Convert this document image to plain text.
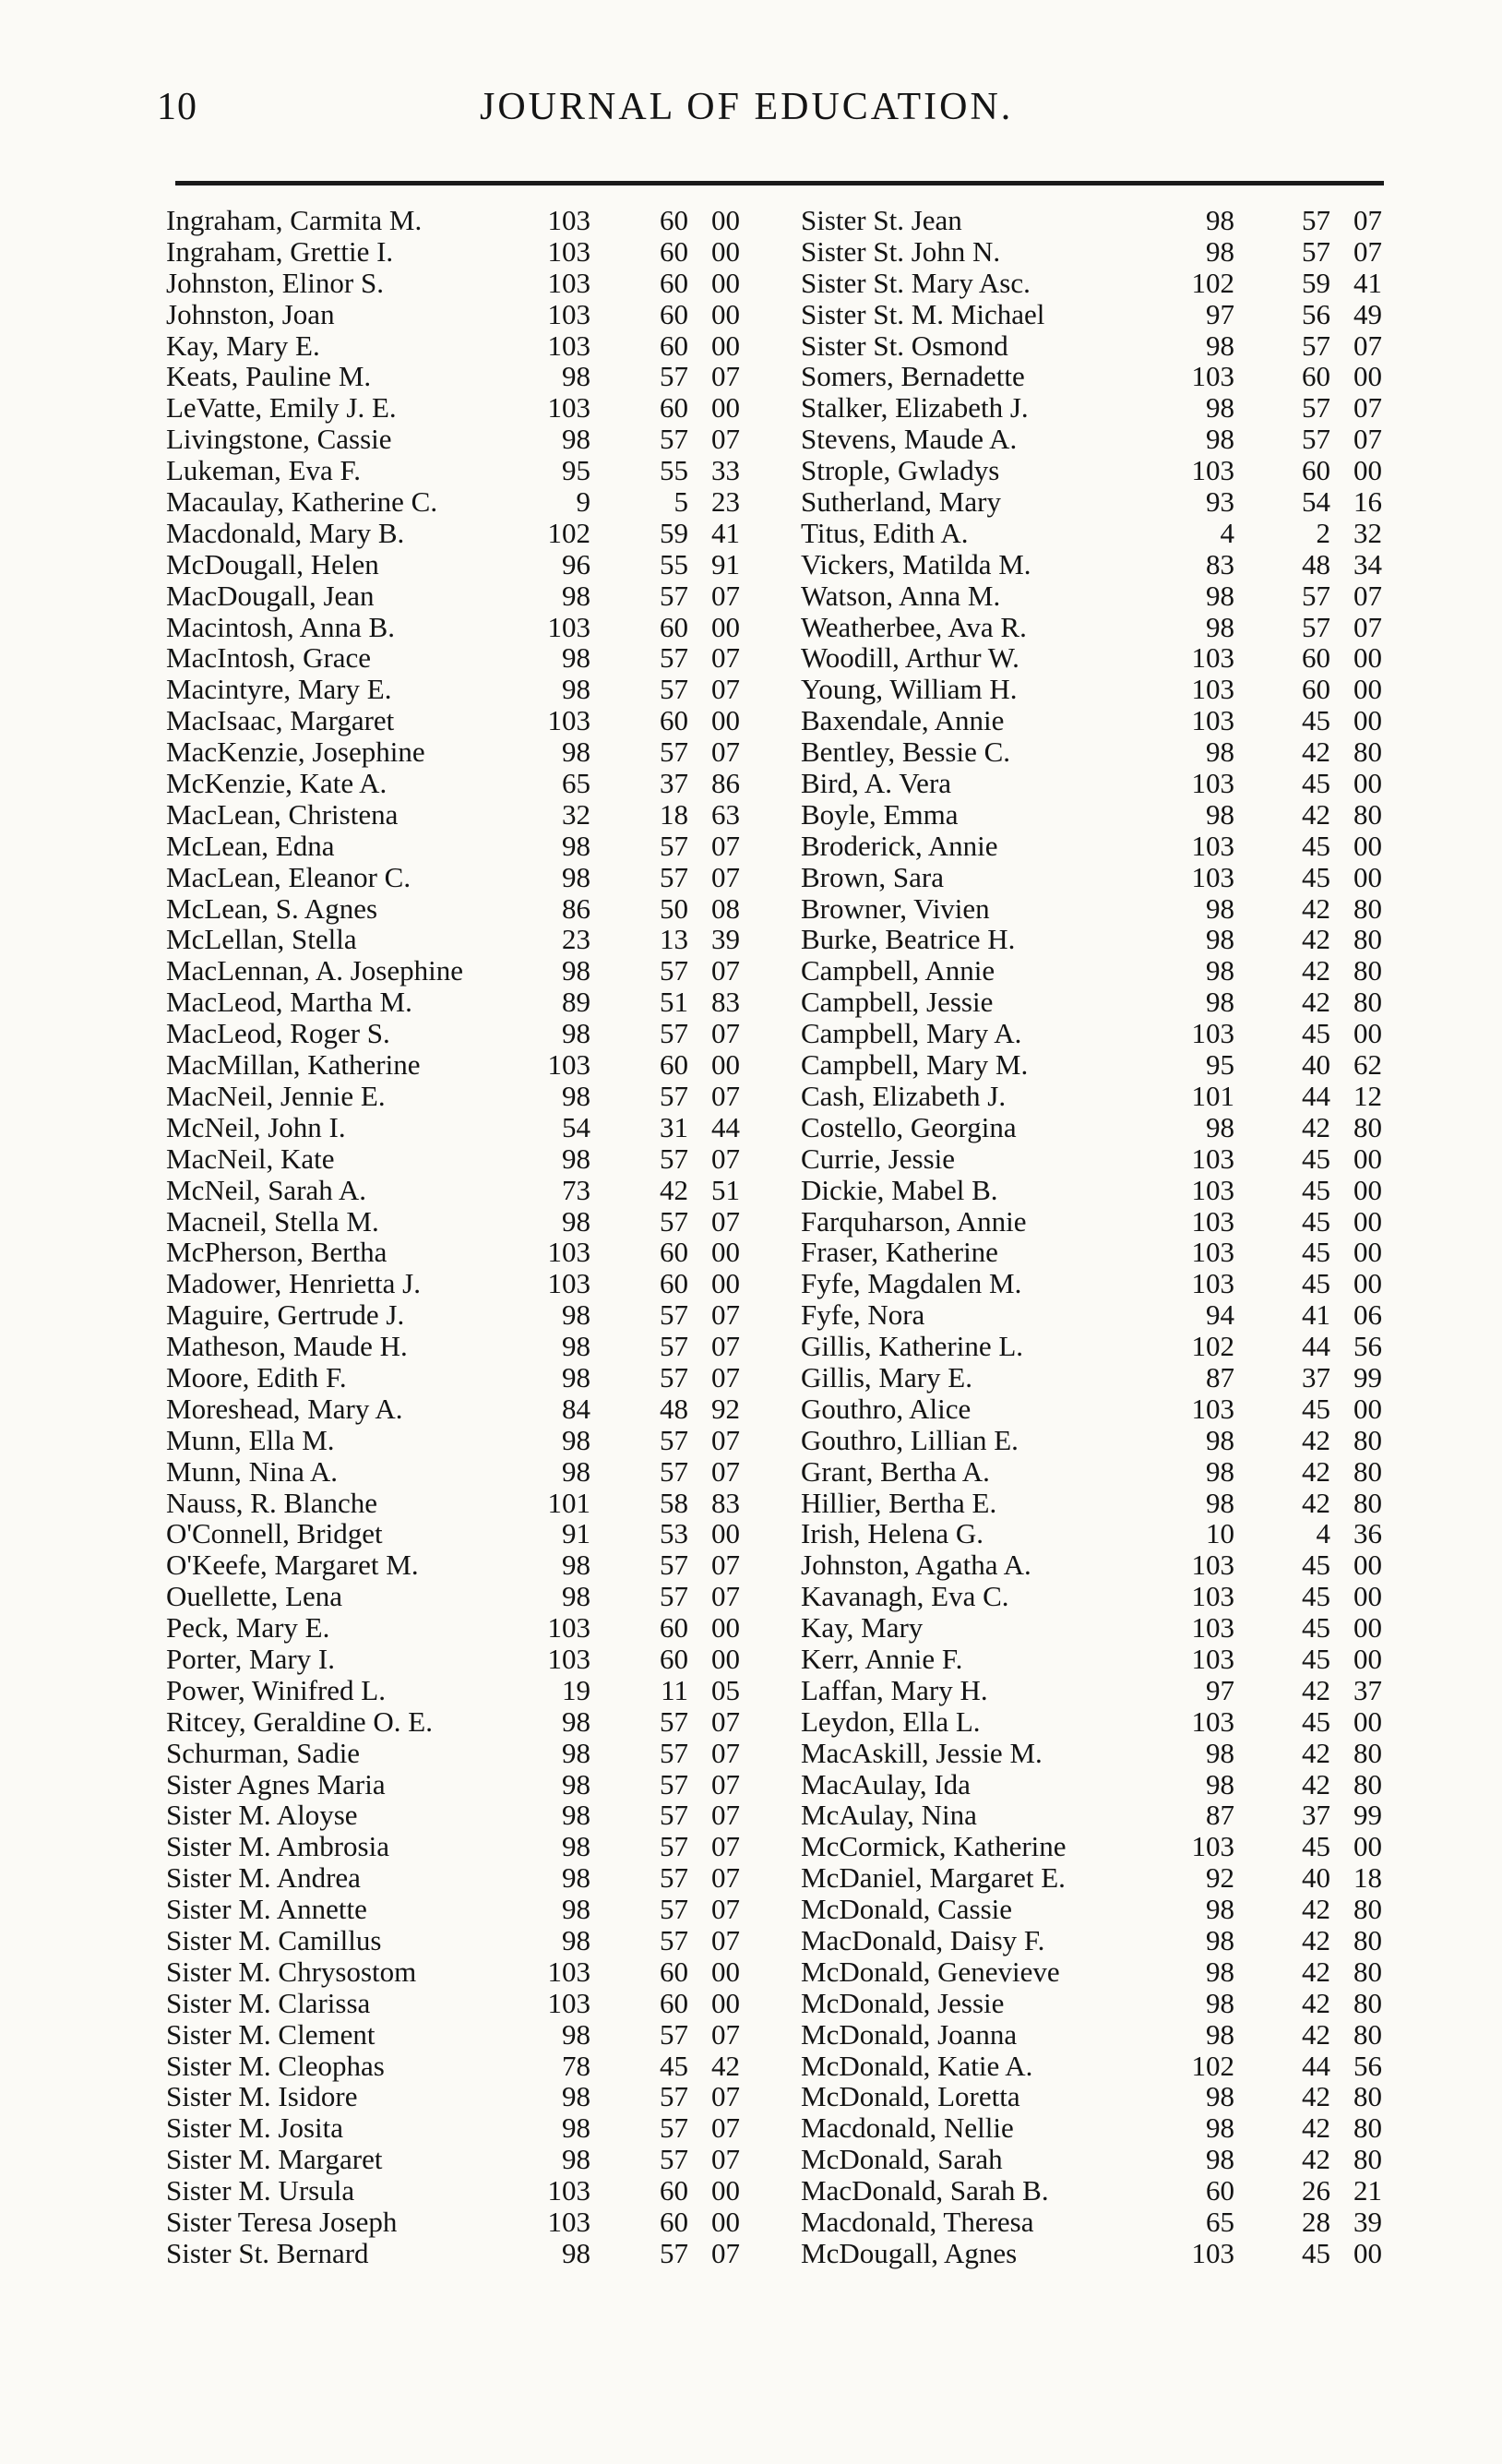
10	JOURNAL OF EDUCATION.
Ingraham, Carmita M.	103	60 00
Ingraham, Grettie I.	103	60 00
Johnston, Elinor S.	103	60 00
Johnston, Joan	103	60 00
Kay, Mary E.	103	60 00
Keats, Pauline M.	98	57 07
LeVatte, Emily J. E.	103	60 00
Livingstone, Cassie	98	57 07
Lukeman, Eva F.	95	55 33
Macaulay, Katherine C.	9	5 23
Macdonald, Mary B.	102	59 41
McDougall, Helen	96	55 91
MacDougall, Jean	98	57 07
Macintosh, Anna B.	103	60 00
MacIntosh, Grace	98	57 07
Macintyre, Mary E.	98	57 07
MacIsaac, Margaret	103	60 00
MacKenzie, Josephine	98	57 07
McKenzie, Kate A.	65	37 86
MacLean, Christena	32	18 63
McLean, Edna	98	57 07
MacLean, Eleanor C.	98	57 07
McLean, S. Agnes	86	50 08
McLellan, Stella	23	13 39
MacLennan, A. Josephine	98	57 07
MacLeod, Martha M.	89	51 83
MacLeod, Roger S.	98	57 07
MacMillan, Katherine	103	60 00
MacNeil, Jennie E.	98	57 07
McNeil, John I.	54	31 44
MacNeil, Kate	98	57 07
McNeil, Sarah A.	73	42 51
Macneil, Stella M.	98	57 07
McPherson, Bertha	103	60 00
Madower, Henrietta J.	103	60 00
Maguire, Gertrude J.	98	57 07
Matheson, Maude H.	98	57 07
Moore, Edith F.	98	57 07
Moreshead, Mary A.	84	48 92
Munn, Ella M.	98	57 07
Munn, Nina A.	98	57 07
Nauss, R. Blanche	101	58 83
O'Connell, Bridget	91	53 00
O'Keefe, Margaret M.	98	57 07
Ouellette, Lena	98	57 07
Peck, Mary E.	103	60 00
Porter, Mary I.	103	60 00
Power, Winifred L.	19	11 05
Ritcey, Geraldine O. E.	98	57 07
Schurman, Sadie	98	57 07
Sister Agnes Maria	98	57 07
Sister M. Aloyse	98	57 07
Sister M. Ambrosia	98	57 07
Sister M. Andrea	98	57 07
Sister M. Annette	98	57 07
Sister M. Camillus	98	57 07
Sister M. Chrysostom	103	60 00
Sister M. Clarissa	103	60 00
Sister M. Clement	98	57 07
Sister M. Cleophas	78	45 42
Sister M. Isidore	98	57 07
Sister M. Josita	98	57 07
Sister M. Margaret	98	57 07
Sister M. Ursula	103	60 00
Sister Teresa Joseph	103	60 00
Sister St. Bernard	98	57 07
Sister St. Jean	98	57 07
Sister St. John N.	98	57 07
Sister St. Mary Asc.	102	59 41
Sister St. M. Michael	97	56 49
Sister St. Osmond	98	57 07
Somers, Bernadette	103	60 00
Stalker, Elizabeth J.	98	57 07
Stevens, Maude A.	98	57 07
Strople, Gwladys	103	60 00
Sutherland, Mary	93	54 16
Titus, Edith A.	4	2 32
Vickers, Matilda M.	83	48 34
Watson, Anna M.	98	57 07
Weatherbee, Ava R.	98	57 07
Woodill, Arthur W.	103	60 00
Young, William H.	103	60 00
Baxendale, Annie	103	45 00
Bentley, Bessie C.	98	42 80
Bird, A. Vera	103	45 00
Boyle, Emma	98	42 80
Broderick, Annie	103	45 00
Brown, Sara	103	45 00
Browner, Vivien	98	42 80
Burke, Beatrice H.	98	42 80
Campbell, Annie	98	42 80
Campbell, Jessie	98	42 80
Campbell, Mary A.	103	45 00
Campbell, Mary M.	95	40 62
Cash, Elizabeth J.	101	44 12
Costello, Georgina	98	42 80
Currie, Jessie	103	45 00
Dickie, Mabel B.	103	45 00
Farquharson, Annie	103	45 00
Fraser, Katherine	103	45 00
Fyfe, Magdalen M.	103	45 00
Fyfe, Nora	94	41 06
Gillis, Katherine L.	102	44 56
Gillis, Mary E.	87	37 99
Gouthro, Alice	103	45 00
Gouthro, Lillian E.	98	42 80
Grant, Bertha A.	98	42 80
Hillier, Bertha E.	98	42 80
Irish, Helena G.	10	4 36
Johnston, Agatha A.	103	45 00
Kavanagh, Eva C.	103	45 00
Kay, Mary	103	45 00
Kerr, Annie F.	103	45 00
Laffan, Mary H.	97	42 37
Leydon, Ella L.	103	45 00
MacAskill, Jessie M.	98	42 80
MacAulay, Ida	98	42 80
McAulay, Nina	87	37 99
McCormick, Katherine	103	45 00
McDaniel, Margaret E.	92	40 18
McDonald, Cassie	98	42 80
MacDonald, Daisy F.	98	42 80
McDonald, Genevieve	98	42 80
McDonald, Jessie	98	42 80
McDonald, Joanna	98	42 80
McDonald, Katie A.	102	44 56
McDonald, Loretta	98	42 80
Macdonald, Nellie	98	42 80
McDonald, Sarah	98	42 80
MacDonald, Sarah B.	60	26 21
Macdonald, Theresa	65	28 39
McDougall, Agnes	103	45 00
